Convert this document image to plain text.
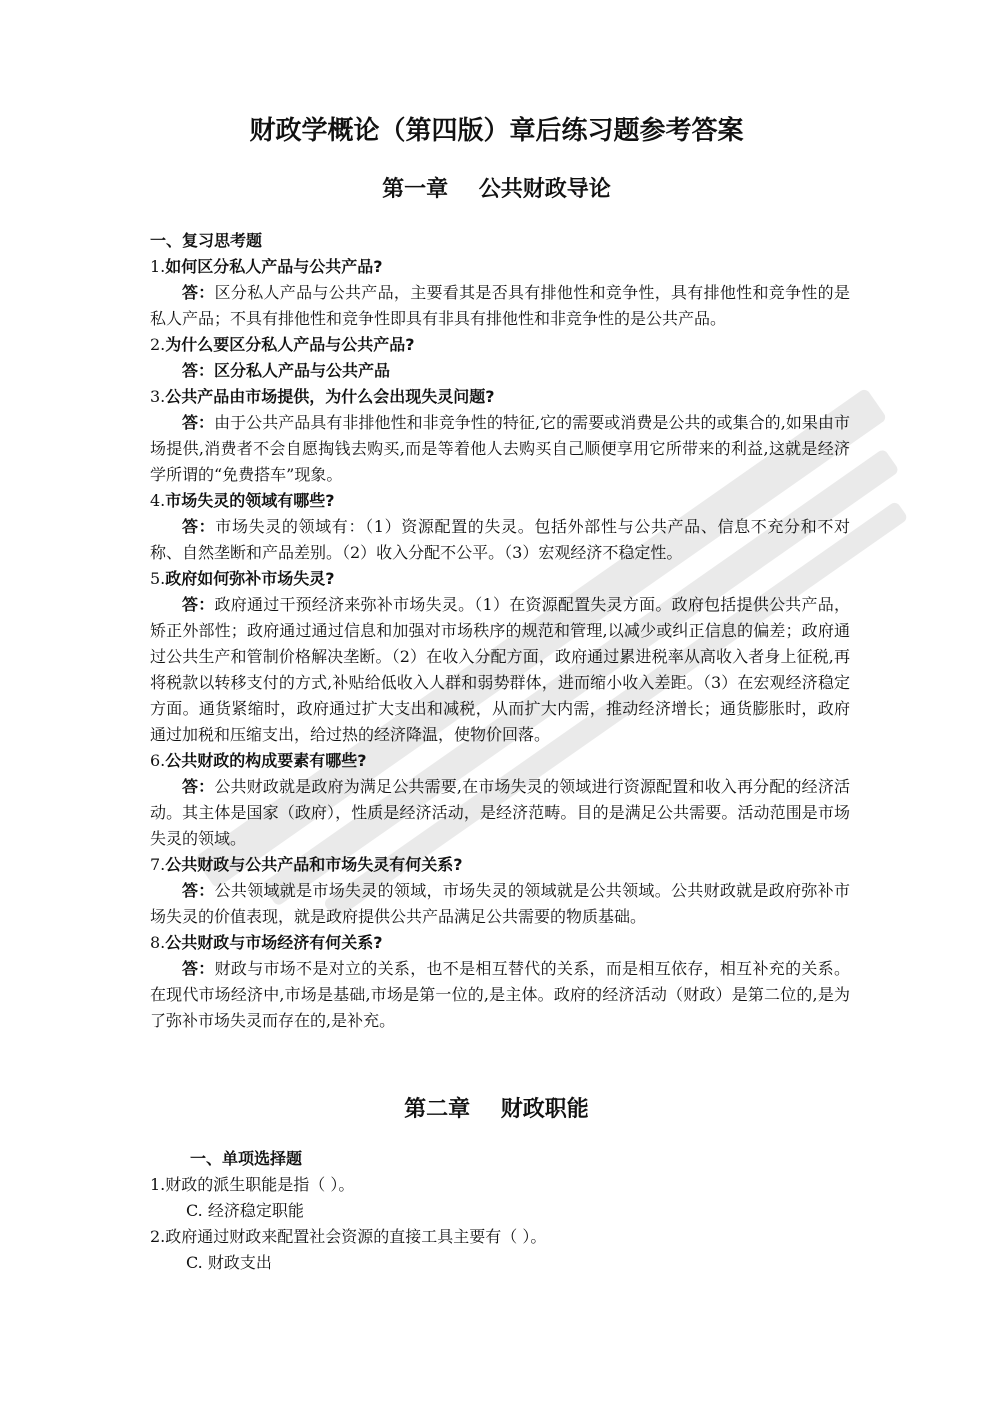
财政学概论（第四版）章后练习题参考答案
第一章    公共财政导论
一、复习思考题
1.如何区分私人产品与公共产品?
答：区分私人产品与公共产品，主要看其是否具有排他性和竞争性，具有排他性和竞争性的是私人产品；不具有排他性和竞争性即具有非具有排他性和非竞争性的是公共产品。
2.为什么要区分私人产品与公共产品?
答：区分私人产品与公共产品
3.公共产品由市场提供，为什么会出现失灵问题?
答：由于公共产品具有非排他性和非竞争性的特征,它的需要或消费是公共的或集合的,如果由市场提供,消费者不会自愿掏钱去购买,而是等着他人去购买自己顺便享用它所带来的利益,这就是经济学所谓的“免费搭车”现象。
4.市场失灵的领域有哪些?
答：市场失灵的领域有：（1）资源配置的失灵。包括外部性与公共产品、信息不充分和不对称、自然垄断和产品差别。（2）收入分配不公平。（3）宏观经济不稳定性。
5.政府如何弥补市场失灵?
答：政府通过干预经济来弥补市场失灵。（1）在资源配置失灵方面。政府包括提供公共产品，矫正外部性；政府通过通过信息和加强对市场秩序的规范和管理,以减少或纠正信息的偏差；政府通过公共生产和管制价格解决垄断。（2）在收入分配方面，政府通过累进税率从高收入者身上征税,再将税款以转移支付的方式,补贴给低收入人群和弱势群体，进而缩小收入差距。（3）在宏观经济稳定方面。通货紧缩时，政府通过扩大支出和减税，从而扩大内需，推动经济增长；通货膨胀时，政府通过加税和压缩支出，给过热的经济降温，使物价回落。
6.公共财政的构成要素有哪些?
答：公共财政就是政府为满足公共需要,在市场失灵的领域进行资源配置和收入再分配的经济活动。其主体是国家（政府），性质是经济活动，是经济范畴。目的是满足公共需要。活动范围是市场失灵的领域。
7.公共财政与公共产品和市场失灵有何关系?
答：公共领域就是市场失灵的领域，市场失灵的领域就是公共领域。公共财政就是政府弥补市场失灵的价值表现，就是政府提供公共产品满足公共需要的物质基础。
8.公共财政与市场经济有何关系?
答：财政与市场不是对立的关系，也不是相互替代的关系，而是相互依存，相互补充的关系。在现代市场经济中,市场是基础,市场是第一位的,是主体。政府的经济活动（财政）是第二位的,是为了弥补市场失灵而存在的,是补充。
第二章    财政职能
一、单项选择题
1.财政的派生职能是指（ ）。
C. 经济稳定职能
2.政府通过财政来配置社会资源的直接工具主要有（ ）。
C. 财政支出
